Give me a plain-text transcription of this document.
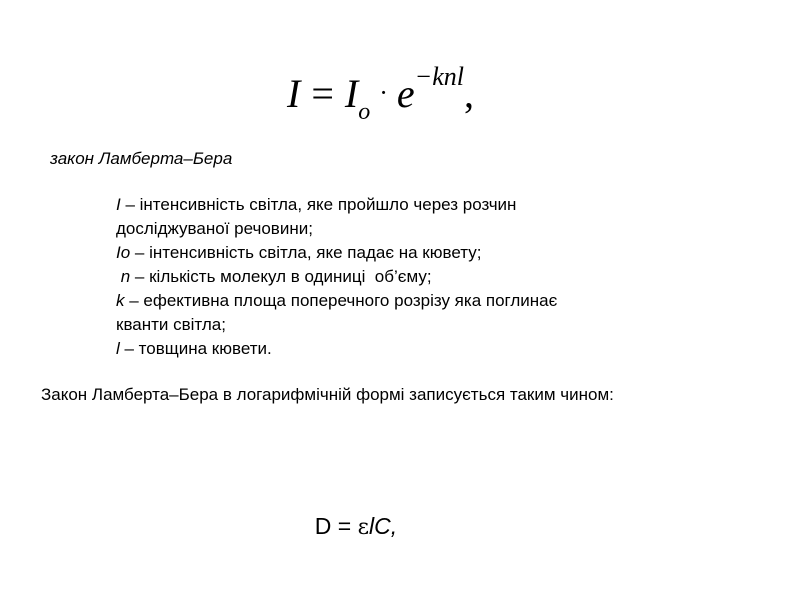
$I = I_o\cdot e^{-knl}$,
закон Ламберта–Бера
I – інтенсивність світла, яке пройшло через розчин
досліджуваної речовини;
Io – інтенсивність світла, яке падає на кювету;
n – кількість молекул в одиниці  об’єму;
k – ефективна площа поперечного розрізу яка поглинає
кванти світла;
l – товщина кювети.
Закон Ламберта–Бера в логарифмічній формі записується таким чином:

D = εlC,
